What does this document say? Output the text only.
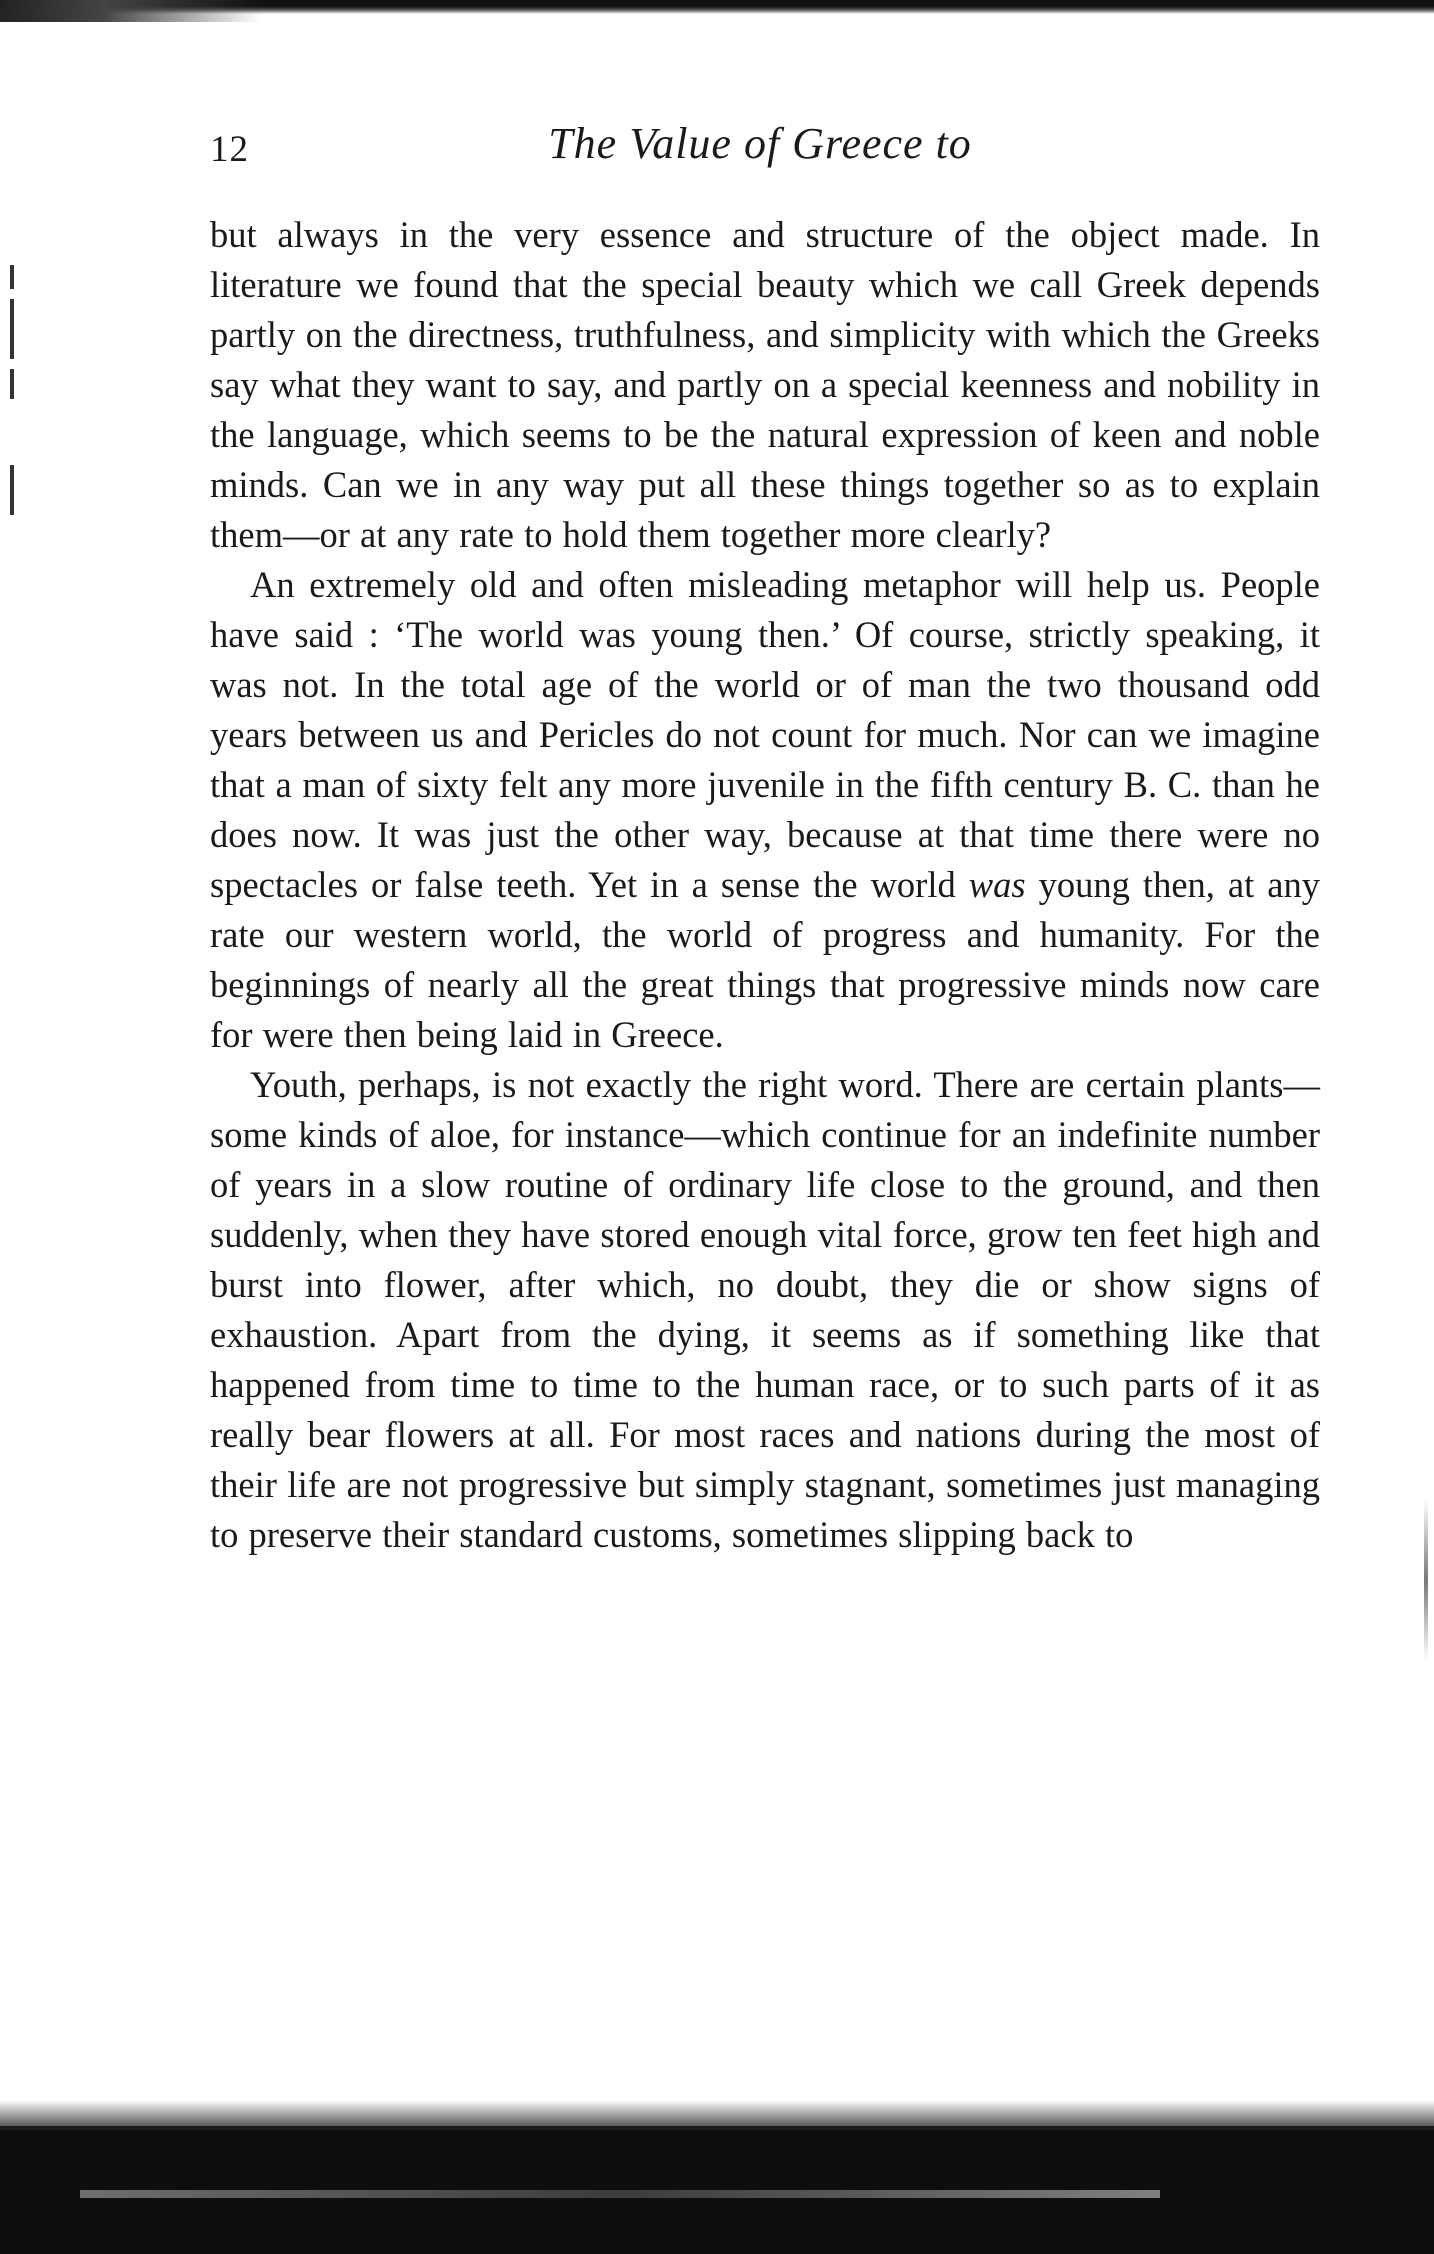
12	The Value of Greece to

but always in the very essence and structure of the object made. In literature we found that the special beauty which we call Greek depends partly on the directness, truthfulness, and simplicity with which the Greeks say what they want to say, and partly on a special keenness and nobility in the language, which seems to be the natural expression of keen and noble minds. Can we in any way put all these things together so as to explain them—or at any rate to hold them together more clearly?

An extremely old and often misleading metaphor will help us. People have said : ‘The world was young then.’ Of course, strictly speaking, it was not. In the total age of the world or of man the two thousand odd years between us and Pericles do not count for much. Nor can we imagine that a man of sixty felt any more juvenile in the fifth century B. C. than he does now. It was just the other way, because at that time there were no spectacles or false teeth. Yet in a sense the world was young then, at any rate our western world, the world of progress and humanity. For the beginnings of nearly all the great things that progressive minds now care for were then being laid in Greece.

Youth, perhaps, is not exactly the right word. There are certain plants—some kinds of aloe, for instance—which continue for an indefinite number of years in a slow routine of ordinary life close to the ground, and then suddenly, when they have stored enough vital force, grow ten feet high and burst into flower, after which, no doubt, they die or show signs of exhaustion. Apart from the dying, it seems as if something like that happened from time to time to the human race, or to such parts of it as really bear flowers at all. For most races and nations during the most of their life are not progressive but simply stagnant, sometimes just managing to preserve their standard customs, sometimes slipping back to
